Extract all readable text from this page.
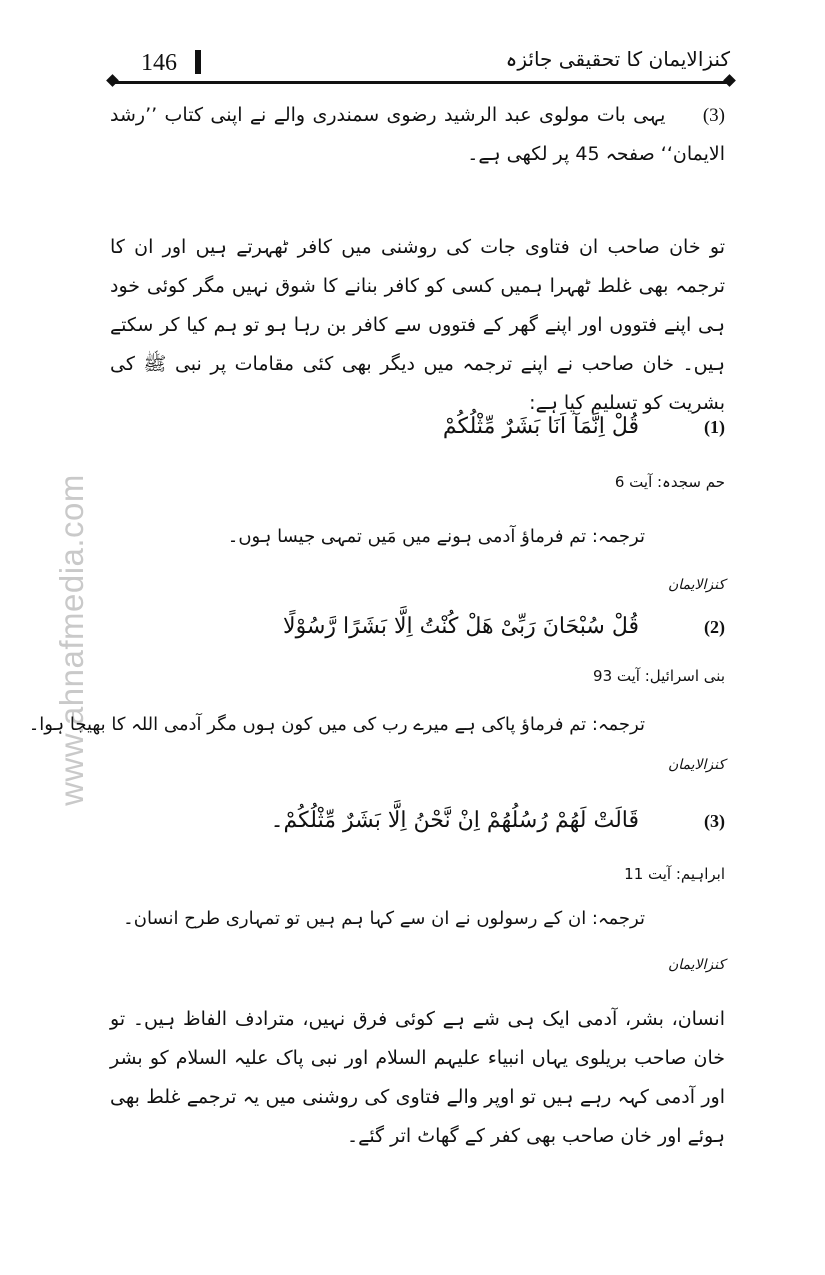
www.ahnafmedia.com
146	کنزالایمان کا تحقیقی جائزہ

(3) یہی بات مولوی عبد الرشید رضوی سمندری والے نے اپنی کتاب ’’رشد الایمان‘‘ صفحہ 45 پر لکھی ہے۔

تو خان صاحب ان فتاوی جات کی روشنی میں کافر ٹھہرتے ہیں اور ان کا ترجمہ بھی غلط ٹھہرا ہمیں کسی کو کافر بنانے کا شوق نہیں مگر کوئی خود ہی اپنے فتووں اور اپنے گھر کے فتووں سے کافر بن رہا ہو تو ہم کیا کر سکتے ہیں۔ خان صاحب نے اپنے ترجمہ میں دیگر بھی کئی مقامات پر نبی ﷺ کی بشریت کو تسلیم کیا ہے:

(1)
قُلْ اِنَّمَآ اَنَا بَشَرٌ مِّثْلُكُمْ
حم سجدہ: آیت 6
ترجمہ: تم فرماؤ آدمی ہونے میں مَیں تمہی جیسا ہوں۔
کنزالایمان
(2)
قُلْ سُبْحَانَ رَبِّىْ هَلْ كُنْتُ اِلَّا بَشَرًا رَّسُوْلًا
بنی اسرائیل: آیت 93
ترجمہ: تم فرماؤ پاکی ہے میرے رب کی میں کون ہوں مگر آدمی اللہ کا بھیجا ہوا۔
کنزالایمان
(3)
قَالَتْ لَهُمْ رُسُلُهُمْ اِنْ نَّحْنُ اِلَّا بَشَرٌ مِّثْلُكُمْ۔
ابراہیم: آیت 11
ترجمہ: ان کے رسولوں نے ان سے کہا ہم ہیں تو تمہاری طرح انسان۔
کنزالایمان

انسان، بشر، آدمی ایک ہی شے ہے کوئی فرق نہیں، مترادف الفاظ ہیں۔ تو خان صاحب بریلوی یہاں انبیاء علیہم السلام اور نبی پاک علیہ السلام کو بشر اور آدمی کہہ رہے ہیں تو اوپر والے فتاوی کی روشنی میں یہ ترجمے غلط بھی ہوئے اور خان صاحب بھی کفر کے گھاٹ اتر گئے۔
